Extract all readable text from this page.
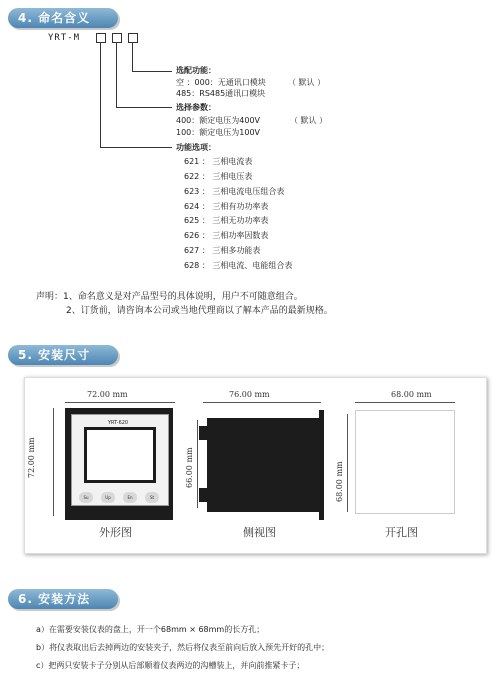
4. 命名含义
YRT-M
选配功能：
空 ：000：无通讯口模块	（ 默认 ）
485：RS485通讯口模块
选择参数：
400：额定电压为400V	（ 默认 ）
100：额定电压为100V
功能选项：
621 ： 三相电流表
622 ： 三相电压表
623 ： 三相电流电压组合表
624 ： 三相有功功率表
625 ： 三相无功功率表
626 ： 三相功率因数表
627 ： 三相多功能表
628 ： 三相电流、电能组合表
声明：1、命名意义是对产品型号的具体说明，用户不可随意组合。
2、订货前，请咨询本公司或当地代理商以了解本产品的最新规格。
5. 安装尺寸
72.00 mm
72.00 mm
YRT-620
Su	Up	En	St
外形图
76.00 mm
66.00 mm
侧视图
68.00 mm
68.00 mm
开孔图
6. 安装方法
a）在需要安装仪表的盘上，开一个68mm × 68mm的长方孔；
b）将仪表取出后去掉两边的安装夹子，然后将仪表至前向后放入预先开好的孔中；
c）把两只安装卡子分别从后部顺着仪表两边的沟槽装上，并向前推紧卡子；
